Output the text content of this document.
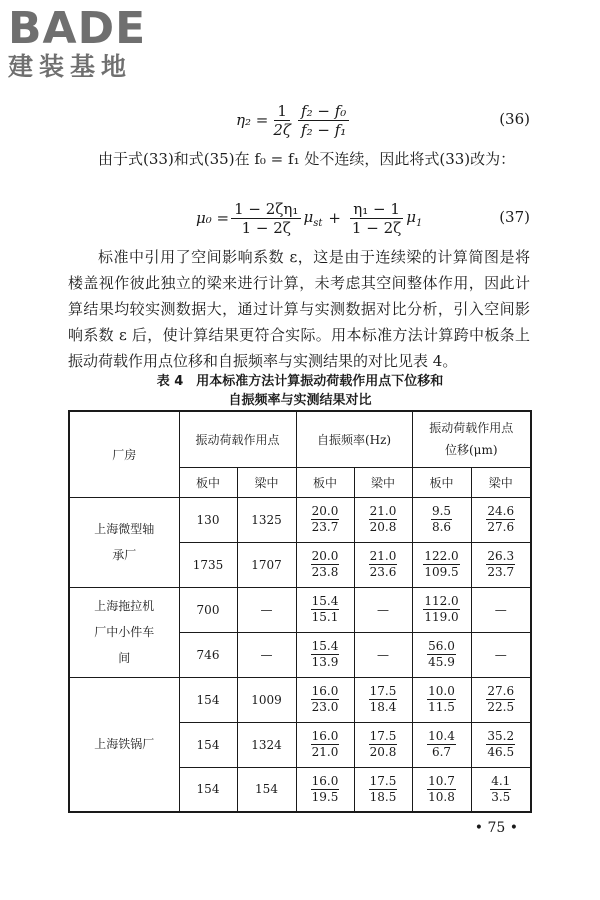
BADE
建装基地
$\eta_2 = \frac{1}{2\zeta} \frac{\text{f₂ − f₀}}{\text{f₂ − f₁}}$	(36)

由于式(33)和式(35)在 f₀ = f₁ 处不连续，因此将式(33)改为：

$\mu_0 = \frac{\text{1 − 2ζη₁}}{1 - 2\zeta} \mu_{st} + \frac{\text{η₁ − 1}}{1 - 2\zeta} \mu_1$	(37)

标准中引用了空间影响系数 ε，这是由于连续梁的计算简图是将楼盖视作彼此独立的梁来进行计算，未考虑其空间整体作用，因此计算结果均较实测数据大，通过计算与实测数据对比分析，引入空间影响系数 ε 后，使计算结果更符合实际。用本标准方法计算跨中板条上振动荷载作用点位移和自振频率与实测结果的对比见表 4。

表 4　用本标准方法计算振动荷载作用点下位移和
自振频率与实测结果对比
厂房	振动荷载作用点		自振频率(Hz)		振动荷载作用点位移(μm)	
	板中	梁中	板中	梁中	板中	梁中
上海微型轴承厂	130	1325	$\frac{20.0}{23.7}$	$\frac{21.0}{20.8}$	$\frac{9.5}{8.6}$	$\frac{24.6}{27.6}$

	1735	1707	$\frac{20.0}{23.8}$	$\frac{21.0}{23.6}$	$\frac{122.0}{109.5}$	$\frac{26.3}{23.7}$

上海拖拉机厂中小件车间	700	—	$\frac{15.4}{15.1}$	—	$\frac{112.0}{119.0}$	—
	746	—	$\frac{15.4}{13.9}$	—	$\frac{56.0}{45.9}$	—
上海铁锅厂	154	1009	$\frac{16.0}{23.0}$	$\frac{17.5}{18.4}$	$\frac{10.0}{11.5}$	$\frac{27.6}{22.5}$

	154	1324	$\frac{16.0}{21.0}$	$\frac{17.5}{20.8}$	$\frac{10.4}{6.7}$	$\frac{35.2}{46.5}$

	154	154	$\frac{16.0}{19.5}$	$\frac{17.5}{18.5}$	$\frac{10.7}{10.8}$	$\frac{4.1}{3.5}$
• 75 •
